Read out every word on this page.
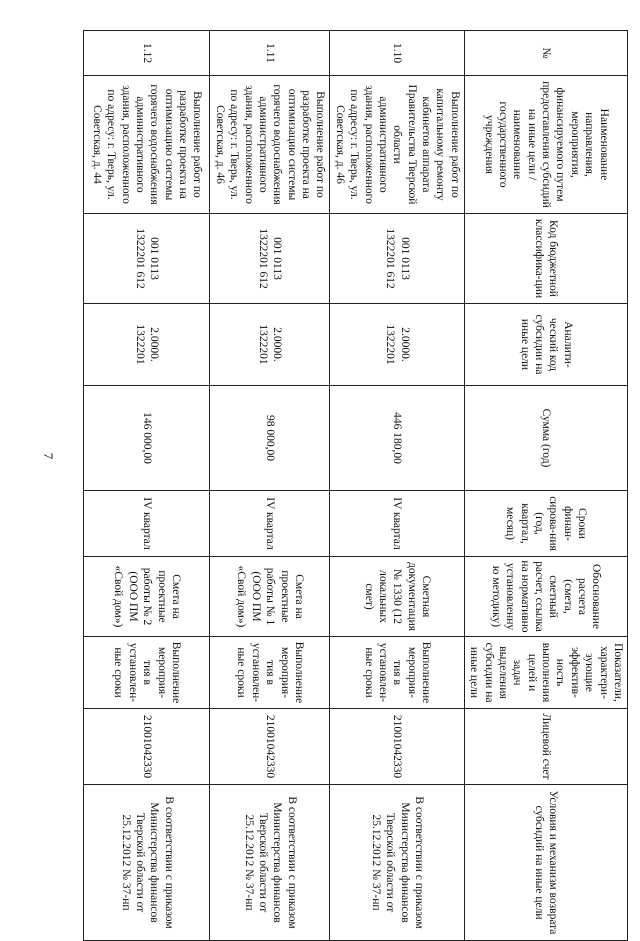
7
№	Наименование направления, мероприятия, финансируемого путем предоставления субсидий на иные цели / наименование государственного учреждения	Код бюджетной классифика-ции	Аналити-ческий код субсидии на иные цели	Сумма (год)	Сроки финан-сирова-ния (год, квартал, месяц)	Обоснование расчета (смета, сметный расчет, ссылка на нормативно установленную методику)	Показатели, характери-зующие эффектив-ность выполнения целей и задач выделения субсидии на иные цели	Лицевой счет	Условия и механизм возврата субсидий на иные цели
1.10	Выполнение работ по капитальному ремонту кабинетов аппарата Правительства Тверской области административного здания, расположенного по адресу: г. Тверь, ул. Советская, д. 46	001 0113 1322201 612	2.0000. 1322201	446 180,00	IV квартал	Сметная документация № 1330 (12 локальных смет)	Выполнение мероприя-тия в установлен-ные сроки	21001042330	В соответствии с приказом Министерства финансов Тверской области от 25.12.2012 № 37-нп
1.11	Выполнение работ по разработке проекта на оптимизацию системы горячего водоснабжения административного здания, расположенного по адресу: г. Тверь, ул. Советская, д. 46	001 0113 1322201 612	2.0000. 1322201	98 000,00	IV квартал	Смета на проектные работы № 1 (ООО ПМ «Свой дом»)	Выполнение мероприя-тия в установлен-ные сроки	21001042330	В соответствии с приказом Министерства финансов Тверской области от 25.12.2012 № 37-нп
1.12	Выполнение работ по разработке проекта на оптимизацию системы горячего водоснабжения административного здания, расположенного по адресу: г. Тверь, ул. Советская, д. 44	001 0113 1322201 612	2.0000. 1322201	146 000,00	IV квартал	Смета на проектные работы № 2 (ООО ПМ «Свой дом»)	Выполнение мероприя-тия в установлен-ные сроки	21001042330	В соответствии с приказом Министерства финансов Тверской области от 25.12.2012 № 37-нп
